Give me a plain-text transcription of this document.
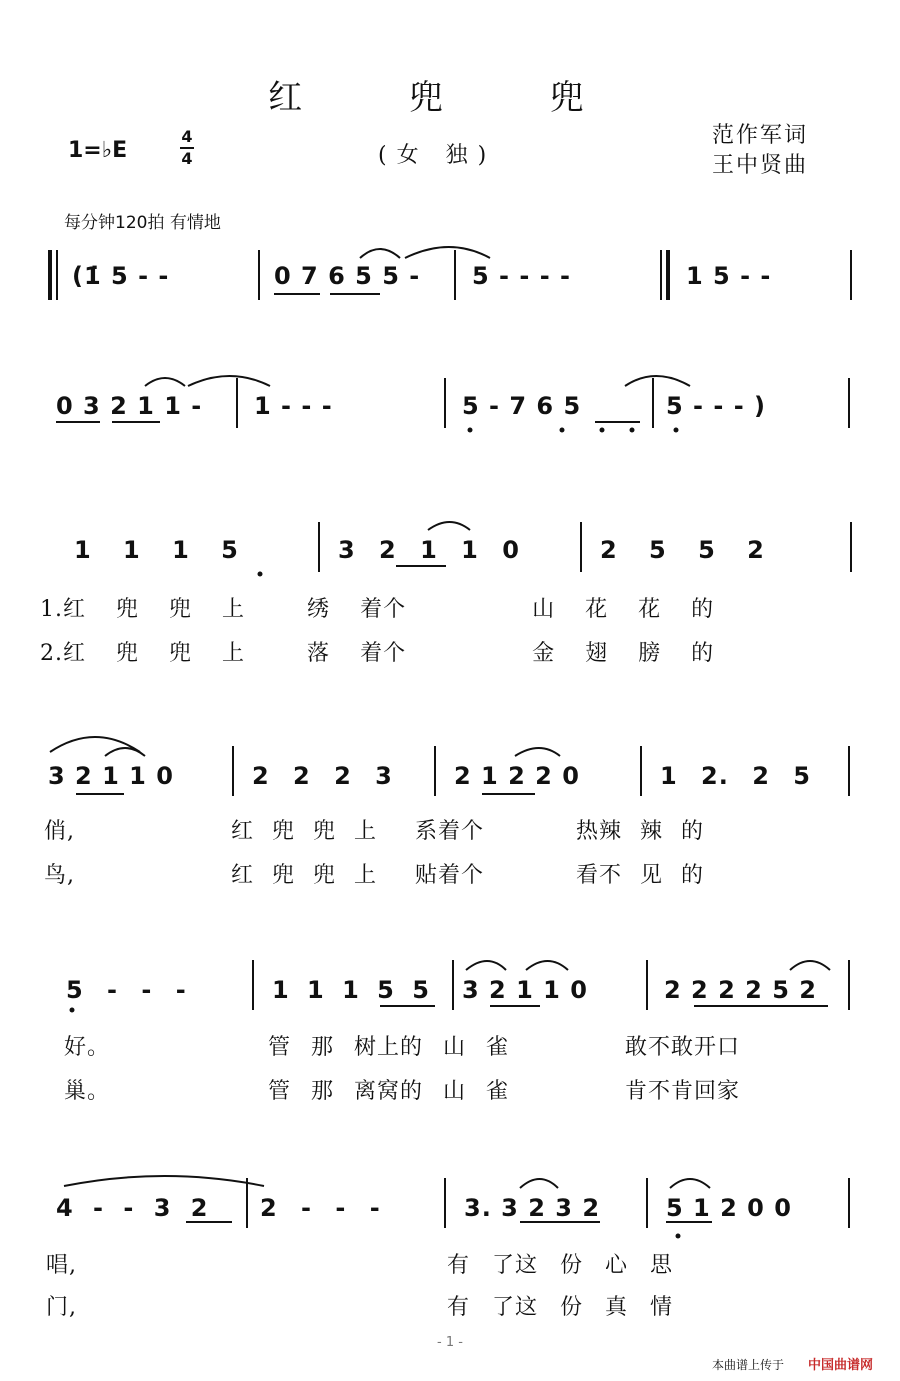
红 兜 兜
1=♭E
4
4	(女 独)
范作军词
王中贤曲
每分钟120拍 有情地
(1̇ 5 - -	0 7 6 5 5 - 5 - - - -	1 5 - -
0 3 2 1 1 - 1 - - -	5 - 7 6 5	5 - - - )
1 1 1 5	3 2 1 1 0	2 5 5 2
1.红 兜 兜 上	绣 着个	山 花 花 的
2.红 兜 兜 上	落 着个	金 翅 膀 的
3 2 1 1 0	2 2 2 3	2 1 2 2 0	1 2. 2 5
俏,	红 兜 兜 上 系着个	热辣 辣 的
鸟,	红 兜 兜 上 贴着个	看不 见 的
5 - - -	1 1 1 5 5 3 2 1 1 0	2 2 2 2 5 2
好。	管 那 树上的 山 雀	敢不敢开口
巢。	管 那 离窝的 山 雀	肯不肯回家
4 - - 3 2 2 - - -	3. 3 2 3 2	5 1 2 0 0
唱,	有 了这 份 心 思
门,	有 了这 份 真 情
- 1 -
本曲谱上传于 中国曲谱网
